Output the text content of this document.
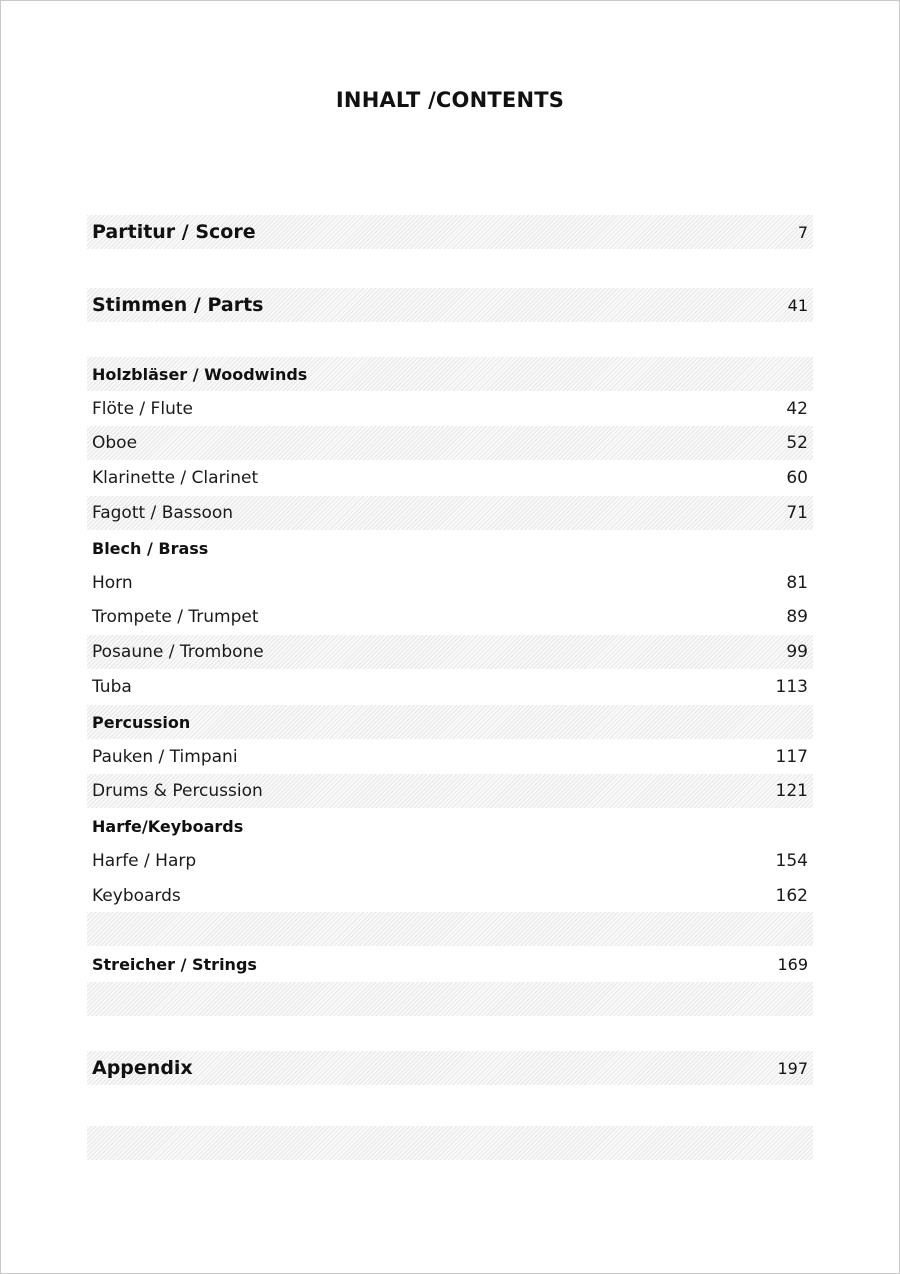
INHALT /CONTENTS
Partitur / Score	7
Stimmen / Parts	41
Holzbläser / Woodwinds
Flöte / Flute	42
Oboe	52
Klarinette / Clarinet	60
Fagott / Bassoon	71
Blech / Brass
Horn	81
Trompete / Trumpet	89
Posaune / Trombone	99
Tuba	113
Percussion
Pauken / Timpani	117
Drums & Percussion	121
Harfe/Keyboards
Harfe / Harp	154
Keyboards	162
Streicher / Strings	169
Appendix	197
